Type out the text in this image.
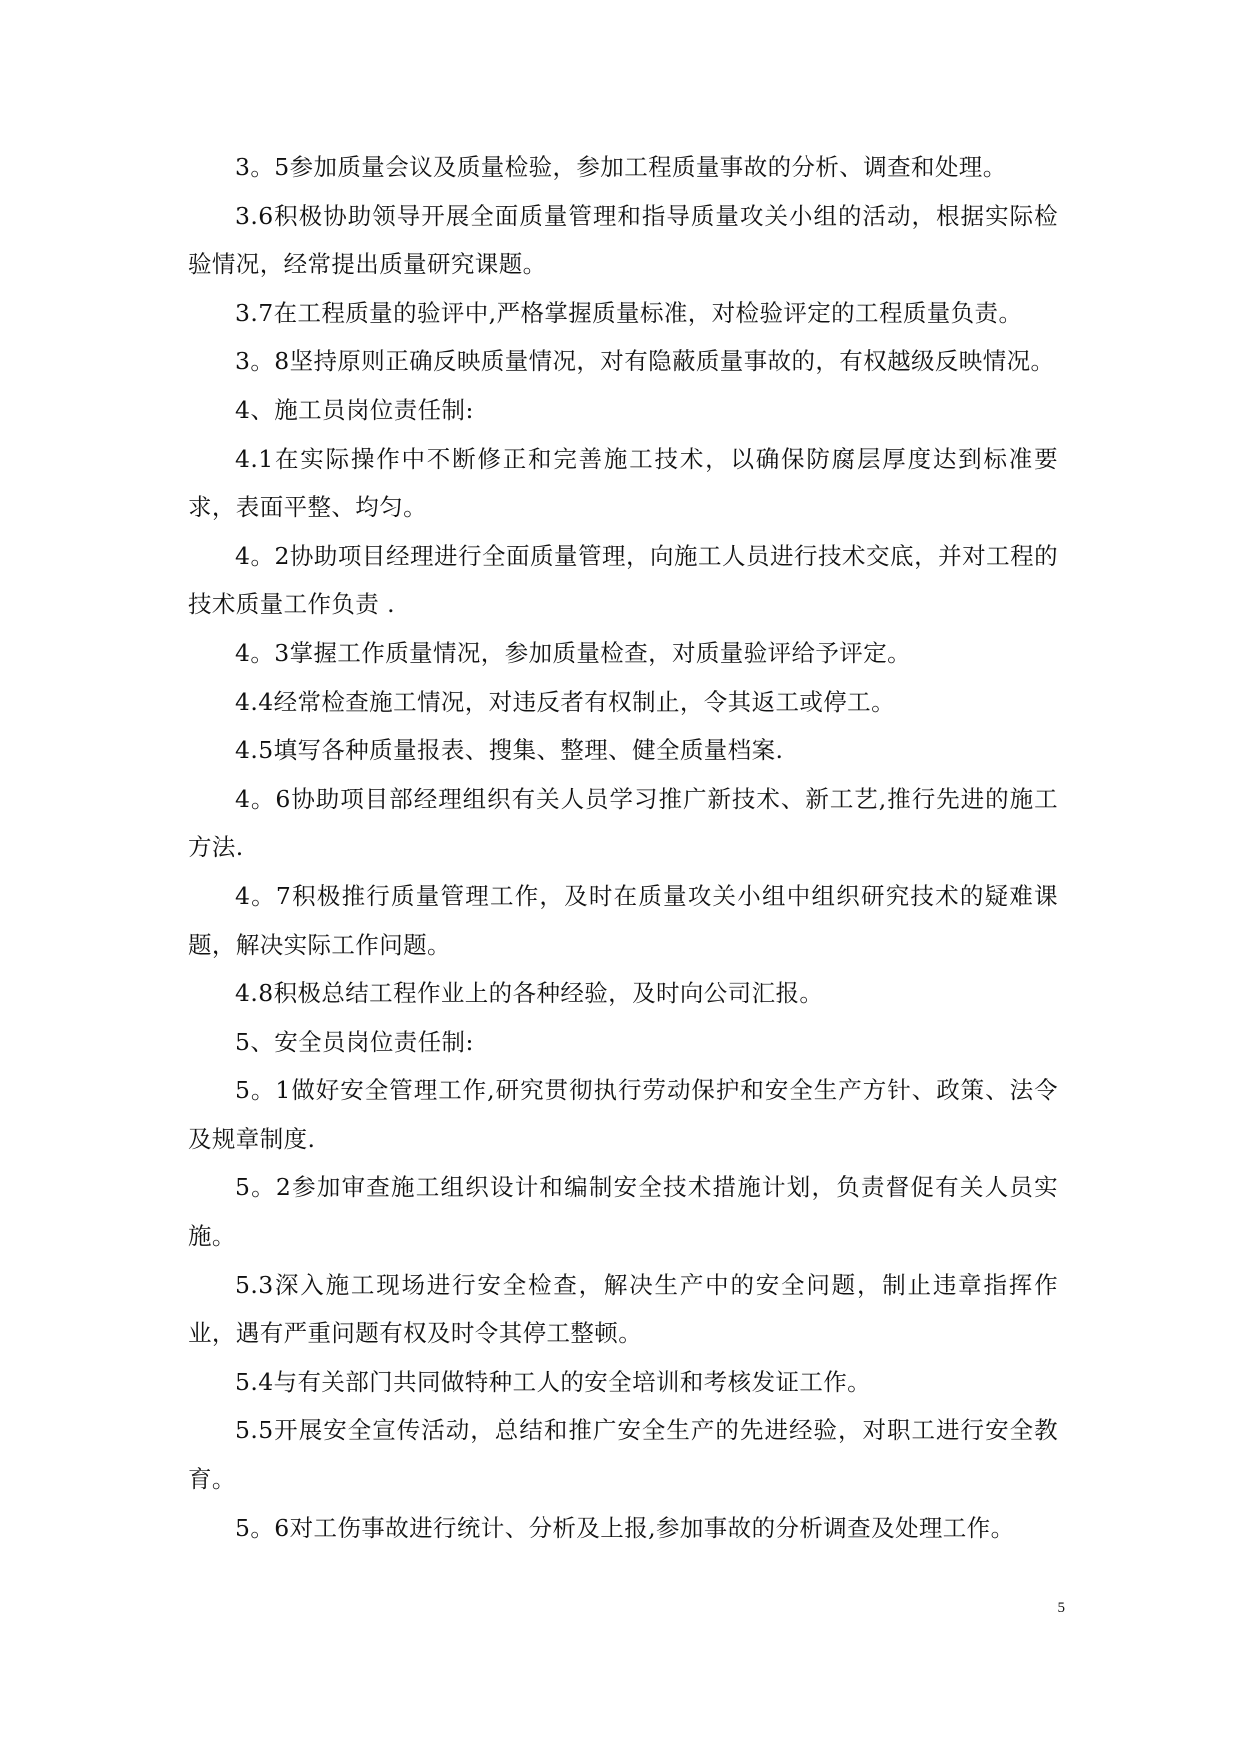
3。5参加质量会议及质量检验，参加工程质量事故的分析、调查和处理。

3.6积极协助领导开展全面质量管理和指导质量攻关小组的活动，根据实际检验情况，经常提出质量研究课题。

3.7在工程质量的验评中,严格掌握质量标准，对检验评定的工程质量负责。

3。8坚持原则正确反映质量情况，对有隐蔽质量事故的，有权越级反映情况。

4、施工员岗位责任制:

4.1在实际操作中不断修正和完善施工技术，以确保防腐层厚度达到标准要求，表面平整、均匀。

4。2协助项目经理进行全面质量管理，向施工人员进行技术交底，并对工程的技术质量工作负责 .

4。3掌握工作质量情况，参加质量检查，对质量验评给予评定。

4.4经常检查施工情况，对违反者有权制止，令其返工或停工。

4.5填写各种质量报表、搜集、整理、健全质量档案.

4。6协助项目部经理组织有关人员学习推广新技术、新工艺,推行先进的施工方法.

4。7积极推行质量管理工作，及时在质量攻关小组中组织研究技术的疑难课题，解决实际工作问题。

4.8积极总结工程作业上的各种经验，及时向公司汇报。

5、安全员岗位责任制:

5。1做好安全管理工作,研究贯彻执行劳动保护和安全生产方针、政策、法令及规章制度.

5。2参加审查施工组织设计和编制安全技术措施计划，负责督促有关人员实施。

5.3深入施工现场进行安全检查，解决生产中的安全问题，制止违章指挥作业，遇有严重问题有权及时令其停工整顿。

5.4与有关部门共同做特种工人的安全培训和考核发证工作。

5.5开展安全宣传活动，总结和推广安全生产的先进经验，对职工进行安全教育。

5。6对工伤事故进行统计、分析及上报,参加事故的分析调查及处理工作。

5
